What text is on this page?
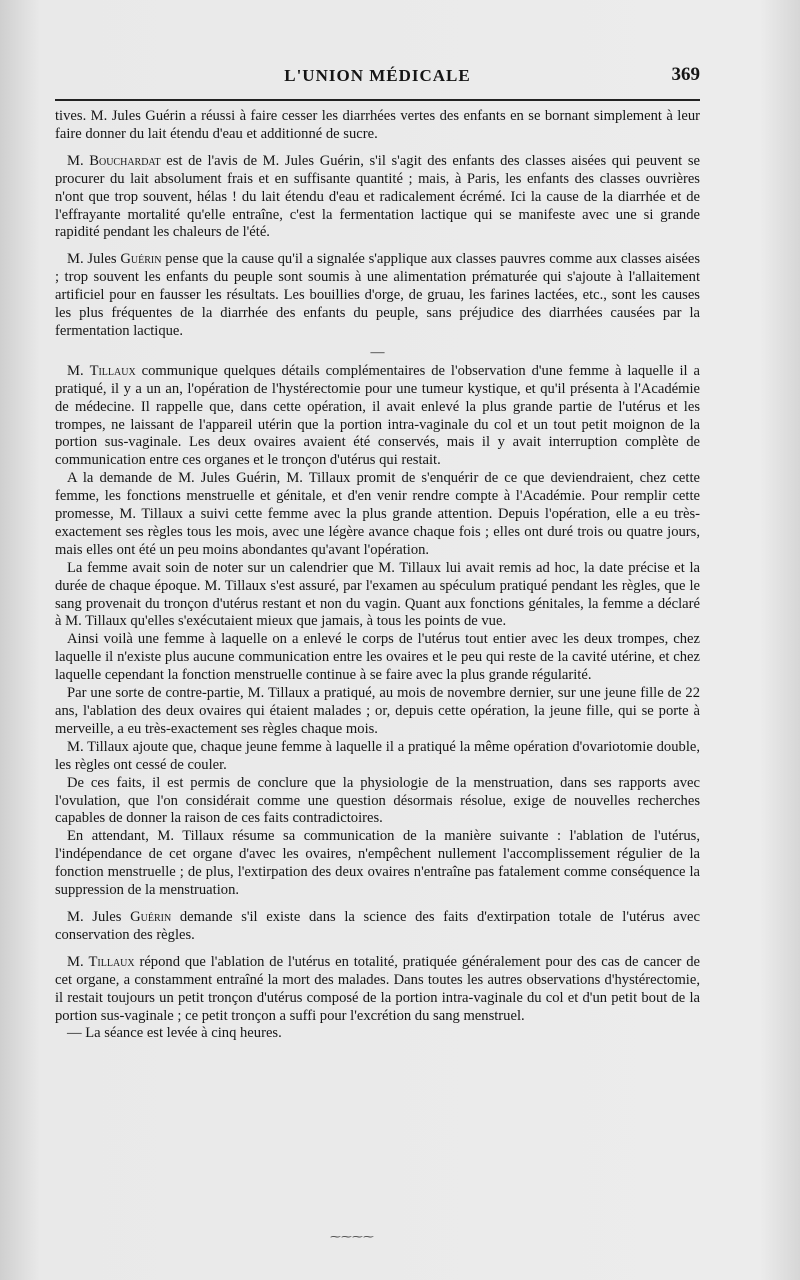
L'UNION MÉDICALE	369

tives. M. Jules Guérin a réussi à faire cesser les diarrhées vertes des enfants en se bornant simplement à leur faire donner du lait étendu d'eau et additionné de sucre.

M. Bouchardat est de l'avis de M. Jules Guérin, s'il s'agit des enfants des classes aisées qui peuvent se procurer du lait absolument frais et en suffisante quantité ; mais, à Paris, les enfants des classes ouvrières n'ont que trop souvent, hélas ! du lait étendu d'eau et radicalement écrémé. Ici la cause de la diarrhée et de l'effrayante mortalité qu'elle entraîne, c'est la fermentation lactique qui se manifeste avec une si grande rapidité pendant les chaleurs de l'été.

M. Jules Guérin pense que la cause qu'il a signalée s'applique aux classes pauvres comme aux classes aisées ; trop souvent les enfants du peuple sont soumis à une alimentation prématurée qui s'ajoute à l'allaitement artificiel pour en fausser les résultats. Les bouillies d'orge, de gruau, les farines lactées, etc., sont les causes les plus fréquentes de la diarrhée des enfants du peuple, sans préjudice des diarrhées causées par la fermentation lactique.

—

M. Tillaux communique quelques détails complémentaires de l'observation d'une femme à laquelle il a pratiqué, il y a un an, l'opération de l'hystérectomie pour une tumeur kystique, et qu'il présenta à l'Académie de médecine. Il rappelle que, dans cette opération, il avait enlevé la plus grande partie de l'utérus et les trompes, ne laissant de l'appareil utérin que la portion intra-vaginale du col et un tout petit moignon de la portion sus-vaginale. Les deux ovaires avaient été conservés, mais il y avait interruption complète de communication entre ces organes et le tronçon d'utérus qui restait.

A la demande de M. Jules Guérin, M. Tillaux promit de s'enquérir de ce que deviendraient, chez cette femme, les fonctions menstruelle et génitale, et d'en venir rendre compte à l'Académie. Pour remplir cette promesse, M. Tillaux a suivi cette femme avec la plus grande attention. Depuis l'opération, elle a eu très-exactement ses règles tous les mois, avec une légère avance chaque fois ; elles ont duré trois ou quatre jours, mais elles ont été un peu moins abondantes qu'avant l'opération.

La femme avait soin de noter sur un calendrier que M. Tillaux lui avait remis ad hoc, la date précise et la durée de chaque époque. M. Tillaux s'est assuré, par l'examen au spéculum pratiqué pendant les règles, que le sang provenait du tronçon d'utérus restant et non du vagin. Quant aux fonctions génitales, la femme a déclaré à M. Tillaux qu'elles s'exécutaient mieux que jamais, à tous les points de vue.

Ainsi voilà une femme à laquelle on a enlevé le corps de l'utérus tout entier avec les deux trompes, chez laquelle il n'existe plus aucune communication entre les ovaires et le peu qui reste de la cavité utérine, et chez laquelle cependant la fonction menstruelle continue à se faire avec la plus grande régularité.

Par une sorte de contre-partie, M. Tillaux a pratiqué, au mois de novembre dernier, sur une jeune fille de 22 ans, l'ablation des deux ovaires qui étaient malades ; or, depuis cette opération, la jeune fille, qui se porte à merveille, a eu très-exactement ses règles chaque mois.

M. Tillaux ajoute que, chaque jeune femme à laquelle il a pratiqué la même opération d'ovariotomie double, les règles ont cessé de couler.

De ces faits, il est permis de conclure que la physiologie de la menstruation, dans ses rapports avec l'ovulation, que l'on considérait comme une question désormais résolue, exige de nouvelles recherches capables de donner la raison de ces faits contradictoires.

En attendant, M. Tillaux résume sa communication de la manière suivante : l'ablation de l'utérus, l'indépendance de cet organe d'avec les ovaires, n'empêchent nullement l'accomplissement régulier de la fonction menstruelle ; de plus, l'extirpation des deux ovaires n'entraîne pas fatalement comme conséquence la suppression de la menstruation.

M. Jules Guérin demande s'il existe dans la science des faits d'extirpation totale de l'utérus avec conservation des règles.

M. Tillaux répond que l'ablation de l'utérus en totalité, pratiquée généralement pour des cas de cancer de cet organe, a constamment entraîné la mort des malades. Dans toutes les autres observations d'hystérectomie, il restait toujours un petit tronçon d'utérus composé de la portion intra-vaginale du col et d'un petit bout de la portion sus-vaginale ; ce petit tronçon a suffi pour l'excrétion du sang menstruel.

— La séance est levée à cinq heures.

⁓⁓⁓⁓
